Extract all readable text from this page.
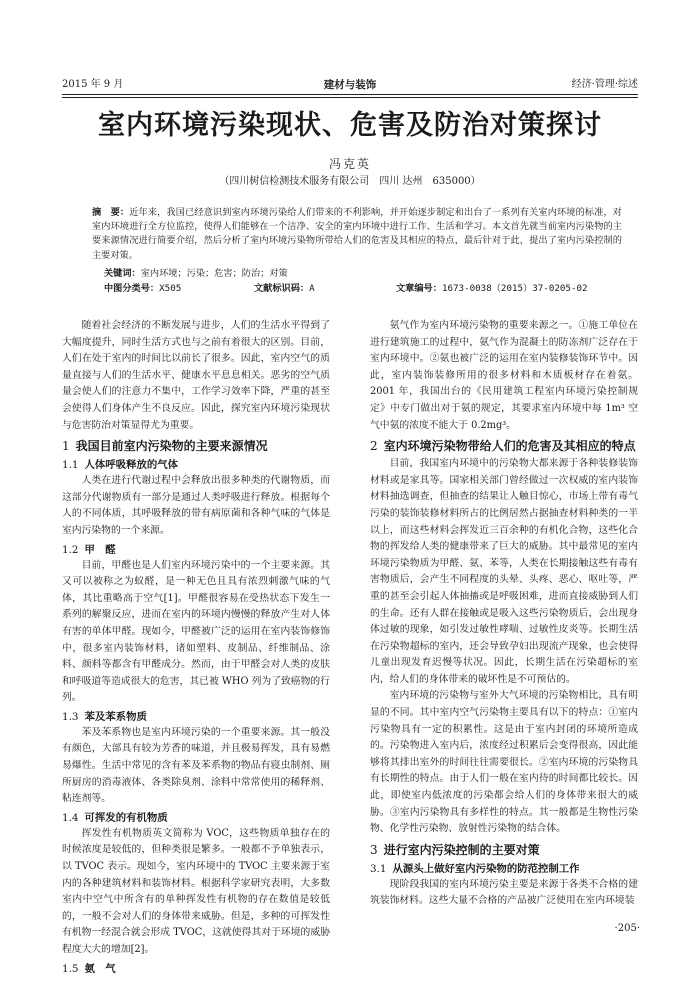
2015 年 9 月	建材与装饰	经济·管理·综述
室内环境污染现状、危害及防治对策探讨
冯克英
（四川树信检测技术服务有限公司　四川 达州　635000）
摘　要：近年来，我国已经意识到室内环境污染给人们带来的不利影响，并开始逐步制定和出台了一系列有关室内环境的标准，对室内环境进行全方位监控，使得人们能够在一个洁净、安全的室内环境中进行工作、生活和学习。本文首先就当前室内污染物的主要来源情况进行简要介绍，然后分析了室内环境污染物所带给人们的危害及其相应的特点，最后针对于此，提出了室内污染控制的主要对策。
关键词：室内环境；污染；危害；防治；对策
中图分类号：X505	文献标识码：A	文章编号：1673-0038（2015）37-0205-02

随着社会经济的不断发展与进步，人们的生活水平得到了大幅度提升，同时生活方式也与之前有着很大的区别。目前，人们在处于室内的时间比以前长了很多。因此，室内空气的质量直接与人们的生活水平、健康水平息息相关。恶劣的空气质量会使人们的注意力不集中，工作学习效率下降，严重的甚至会使得人们身体产生不良反应。因此，探究室内环境污染现状与危害防治对策显得尤为重要。

1 我国目前室内污染物的主要来源情况
1.1 人体呼吸释放的气体

人类在进行代谢过程中会释放出很多种类的代谢物质，而这部分代谢物质有一部分是通过人类呼吸进行释放。根据每个人的不同体质，其呼吸释放的带有病原菌和各种气味的气体是室内污染物的一个来源。

1.2 甲　醛

目前，甲醛也是人们室内环境污染中的一个主要来源。其又可以被称之为蚁醛，是一种无色且具有浓烈刺激气味的气体，其比重略高于空气[1]。甲醛很容易在受热状态下发生一系列的解聚反应，进而在室内的环境内慢慢的释放产生对人体有害的单体甲醛。现如今，甲醛被广泛的运用在室内装饰修饰中，很多室内装饰材料，诸如塑料、皮制品、纤维制品、涂料、颜料等都含有甲醛成分。然而，由于甲醛会对人类的皮肤和呼吸道等造成很大的危害，其已被 WHO 列为了致癌物的行列。

1.3 苯及苯系物质

苯及苯系物也是室内环境污染的一个重要来源。其一般没有颜色，大部具有较为芳香的味道，并且极易挥发，具有易燃易爆性。生活中常见的含有苯及苯系物的物品有寝虫制剂、厕所厨房的消毒液体、各类除臭剂、涂料中常常使用的稀释剂、粘连剂等。

1.4 可挥发的有机物质

挥发性有机物质英文简称为 VOC，这些物质单独存在的时候浓度是较低的，但种类很是繁多。一般都不予单独表示，以 TVOC 表示。现如今，室内环境中的 TVOC 主要来源于室内的各种建筑材料和装饰材料。根据科学家研究表明，大多数室内中空气中所含有的单种挥发性有机物的存在数值是较低的，一般不会对人们的身体带来威胁。但是，多种的可挥发性有机物一经混合就会形成 TVOC，这就使得其对于环境的威胁程度大大的增加[2]。

1.5 氨　气

氨气作为室内环境污染物的重要来源之一。①施工单位在进行建筑施工的过程中，氨气作为混凝土的防冻剂广泛存在于室内环境中。②氨也被广泛的运用在室内装修装饰环节中。因此，室内装饰装修所用的很多材料和木质板材存在着氨。2001 年，我国出台的《民用建筑工程室内环境污染控制规定》中专门做出对于氨的规定，其要求室内环境中每 1m³ 空气中氨的浓度不能大于 0.2mg³。

2 室内环境污染物带给人们的危害及其相应的特点

目前，我国室内环境中的污染物大都来源于各种装修装饰材料或是家具等。国家相关部门曾经做过一次权威的室内装饰材料抽选调查，但抽查的结果让人触目惊心，市场上带有毒气污染的装饰装修材料所占的比例居然占据抽查材料种类的一半以上，而这些材料会挥发近三百余种的有机化合物，这些化合物的挥发给人类的健康带来了巨大的威胁。其中最常见的室内环境污染物质为甲醛、氨、苯等，人类在长期接触这些有毒有害物质后，会产生不同程度的头晕、头疼、恶心、呕吐等，严重的甚至会引起人体抽搐或是呼吸困难，进而直接威胁到人们的生命。还有人群在接触或是吸入这些污染物质后，会出现身体过敏的现象，如引发过敏性哮喘、过敏性皮炎等。长期生活在污染物超标的室内，还会导致孕妇出现流产现象，也会使得儿童出现发育迟慢等状况。因此，长期生活在污染超标的室内，给人们的身体带来的破坏性是不可预估的。

室内环境的污染物与室外大气环境的污染物相比，具有明显的不同。其中室内空气污染物主要具有以下的特点：①室内污染物具有一定的积累性。这是由于室内封闭的环境所造成的。污染物进入室内后，浓度经过积累后会变得很高，因此能够将其排出室外的时间往往需要很长。②室内环境的污染物具有长期性的特点。由于人们一般在室内待的时间都比较长。因此，即使室内低浓度的污染都会给人们的身体带来很大的威胁。③室内污染物具有多样性的特点。其一般都是生物性污染物、化学性污染物、放射性污染物的结合体。

3 进行室内污染控制的主要对策
3.1 从源头上做好室内污染物的防范控制工作

现阶段我国的室内环境污染主要是来源于各类不合格的建筑装饰材料。这些大量不合格的产品被广泛使用在室内环境装

·205·
